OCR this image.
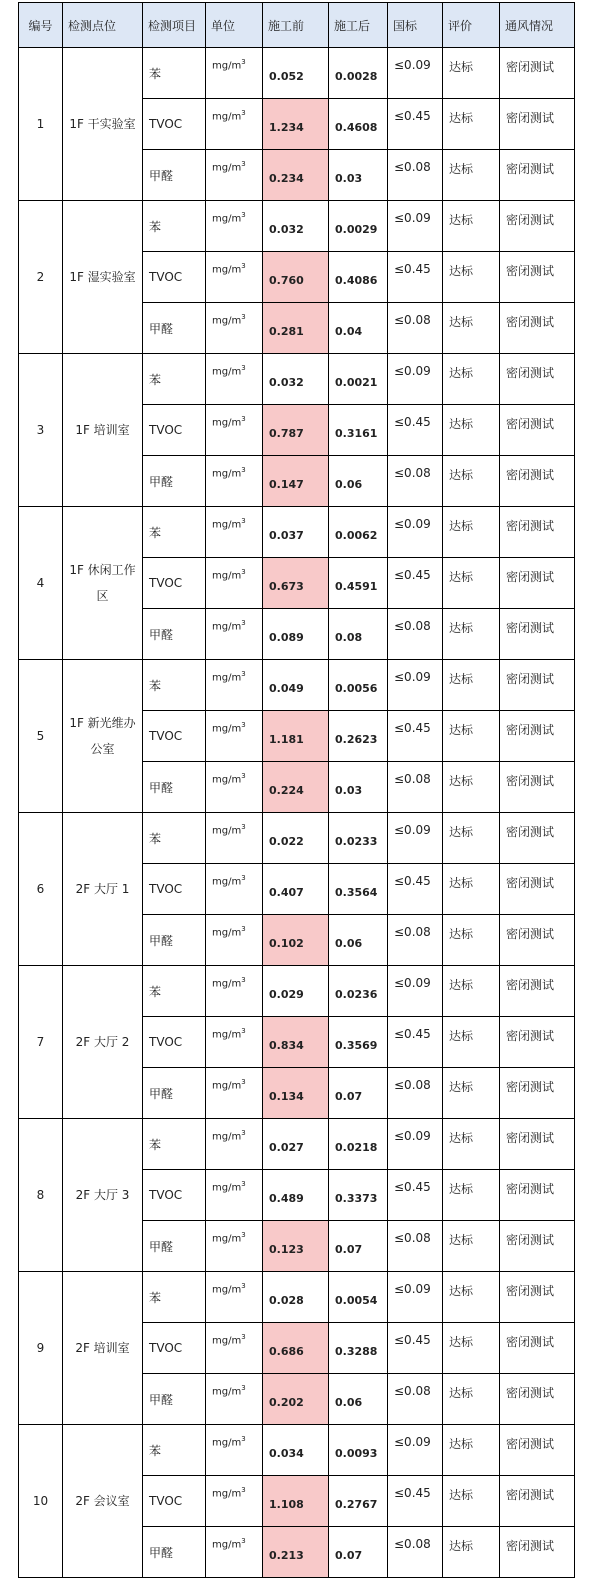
编号	检测点位	检测项目	单位	施工前	施工后	国标	评价	通风情况
1	1F 干实验室	苯	$mg/m^3$	0.052	0.0028	≤0.09	达标	密闭测试
		TVOC	$mg/m^3$	1.234	0.4608	≤0.45	达标	密闭测试
		甲醛	$mg/m^3$	0.234	0.03	≤0.08	达标	密闭测试
2	1F 湿实验室	苯	$mg/m^3$	0.032	0.0029	≤0.09	达标	密闭测试
		TVOC	$mg/m^3$	0.760	0.4086	≤0.45	达标	密闭测试
		甲醛	$mg/m^3$	0.281	0.04	≤0.08	达标	密闭测试
3	1F 培训室	苯	$mg/m^3$	0.032	0.0021	≤0.09	达标	密闭测试
		TVOC	$mg/m^3$	0.787	0.3161	≤0.45	达标	密闭测试
		甲醛	$mg/m^3$	0.147	0.06	≤0.08	达标	密闭测试
4	1F 休闲工作区	苯	$mg/m^3$	0.037	0.0062	≤0.09	达标	密闭测试
		TVOC	$mg/m^3$	0.673	0.4591	≤0.45	达标	密闭测试
		甲醛	$mg/m^3$	0.089	0.08	≤0.08	达标	密闭测试
5	1F 新光维办公室	苯	$mg/m^3$	0.049	0.0056	≤0.09	达标	密闭测试
		TVOC	$mg/m^3$	1.181	0.2623	≤0.45	达标	密闭测试
		甲醛	$mg/m^3$	0.224	0.03	≤0.08	达标	密闭测试
6	2F 大厅 1	苯	$mg/m^3$	0.022	0.0233	≤0.09	达标	密闭测试
		TVOC	$mg/m^3$	0.407	0.3564	≤0.45	达标	密闭测试
		甲醛	$mg/m^3$	0.102	0.06	≤0.08	达标	密闭测试
7	2F 大厅 2	苯	$mg/m^3$	0.029	0.0236	≤0.09	达标	密闭测试
		TVOC	$mg/m^3$	0.834	0.3569	≤0.45	达标	密闭测试
		甲醛	$mg/m^3$	0.134	0.07	≤0.08	达标	密闭测试
8	2F 大厅 3	苯	$mg/m^3$	0.027	0.0218	≤0.09	达标	密闭测试
		TVOC	$mg/m^3$	0.489	0.3373	≤0.45	达标	密闭测试
		甲醛	$mg/m^3$	0.123	0.07	≤0.08	达标	密闭测试
9	2F 培训室	苯	$mg/m^3$	0.028	0.0054	≤0.09	达标	密闭测试
		TVOC	$mg/m^3$	0.686	0.3288	≤0.45	达标	密闭测试
		甲醛	$mg/m^3$	0.202	0.06	≤0.08	达标	密闭测试
10	2F 会议室	苯	$mg/m^3$	0.034	0.0093	≤0.09	达标	密闭测试
		TVOC	$mg/m^3$	1.108	0.2767	≤0.45	达标	密闭测试
		甲醛	$mg/m^3$	0.213	0.07	≤0.08	达标	密闭测试
